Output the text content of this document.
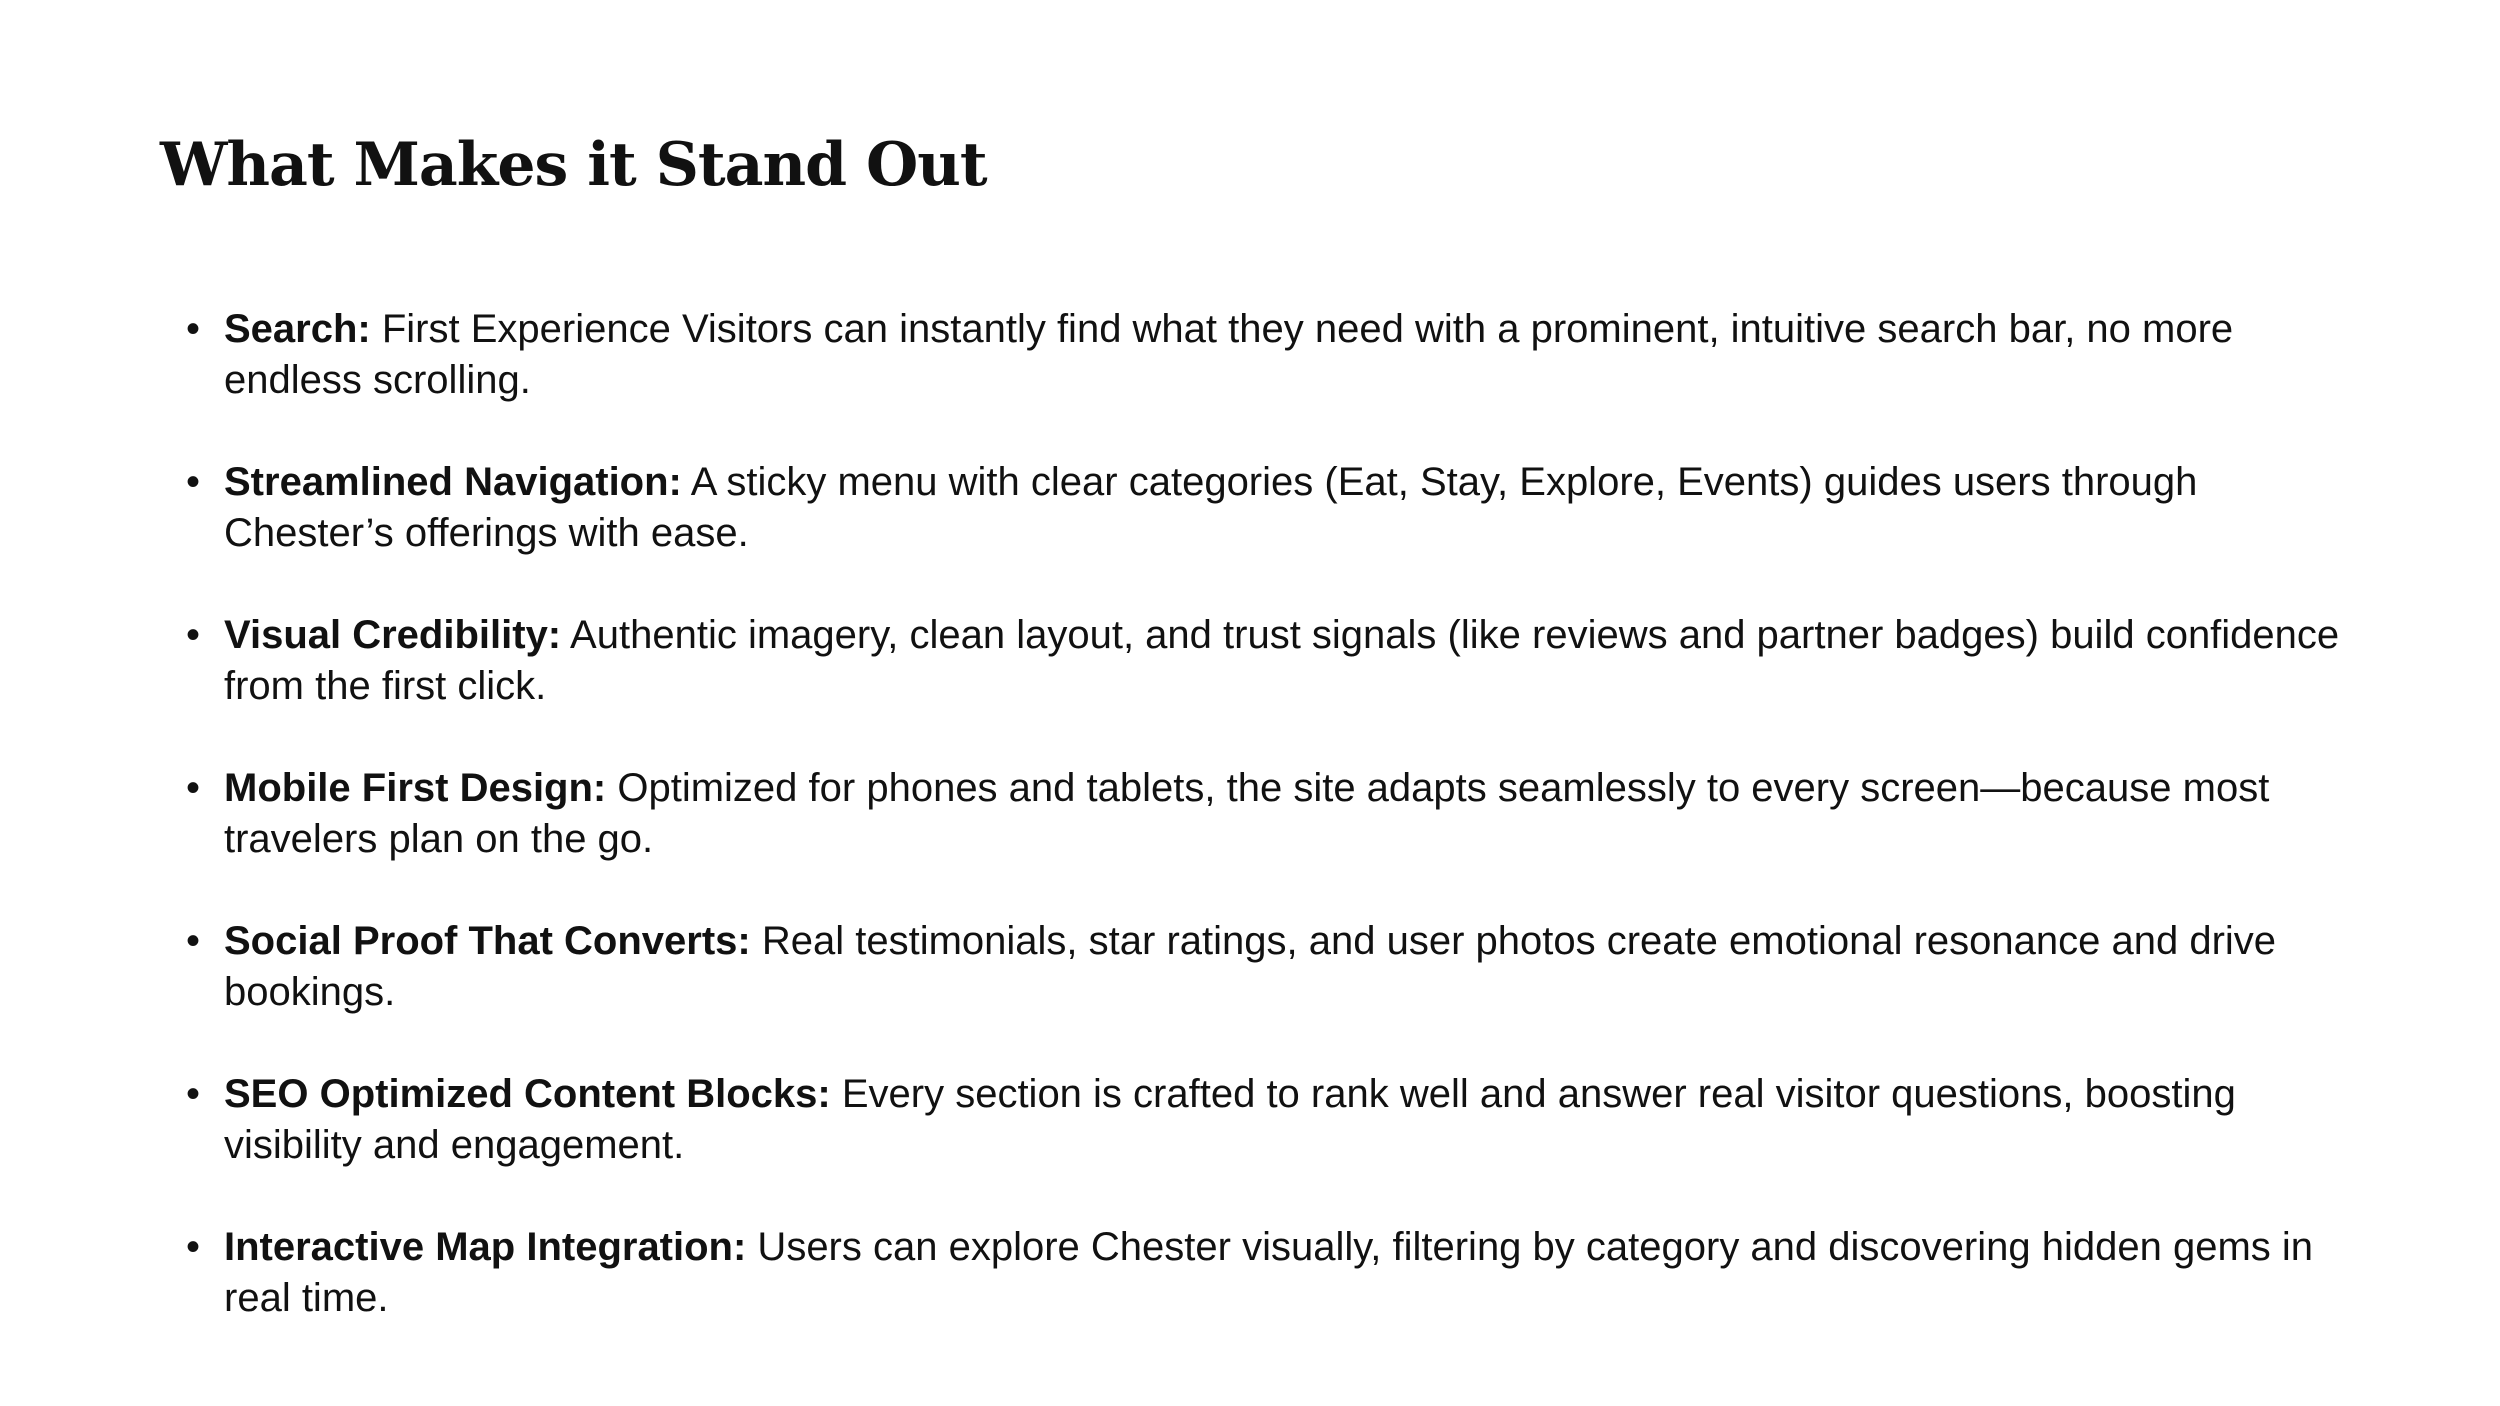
What Makes it Stand Out
• Search: First Experience Visitors can instantly find what they need with a prominent, intuitive search bar, no more endless scrolling.
• Streamlined Navigation: A sticky menu with clear categories (Eat, Stay, Explore, Events) guides users through Chester’s offerings with ease.
• Visual Credibility: Authentic imagery, clean layout, and trust signals (like reviews and partner badges) build confidence from the first click.
• Mobile First Design: Optimized for phones and tablets, the site adapts seamlessly to every screen—because most travelers plan on the go.
• Social Proof That Converts: Real testimonials, star ratings, and user photos create emotional resonance and drive bookings.
• SEO Optimized Content Blocks: Every section is crafted to rank well and answer real visitor questions, boosting visibility and engagement.
• Interactive Map Integration: Users can explore Chester visually, filtering by category and discovering hidden gems in real time.
